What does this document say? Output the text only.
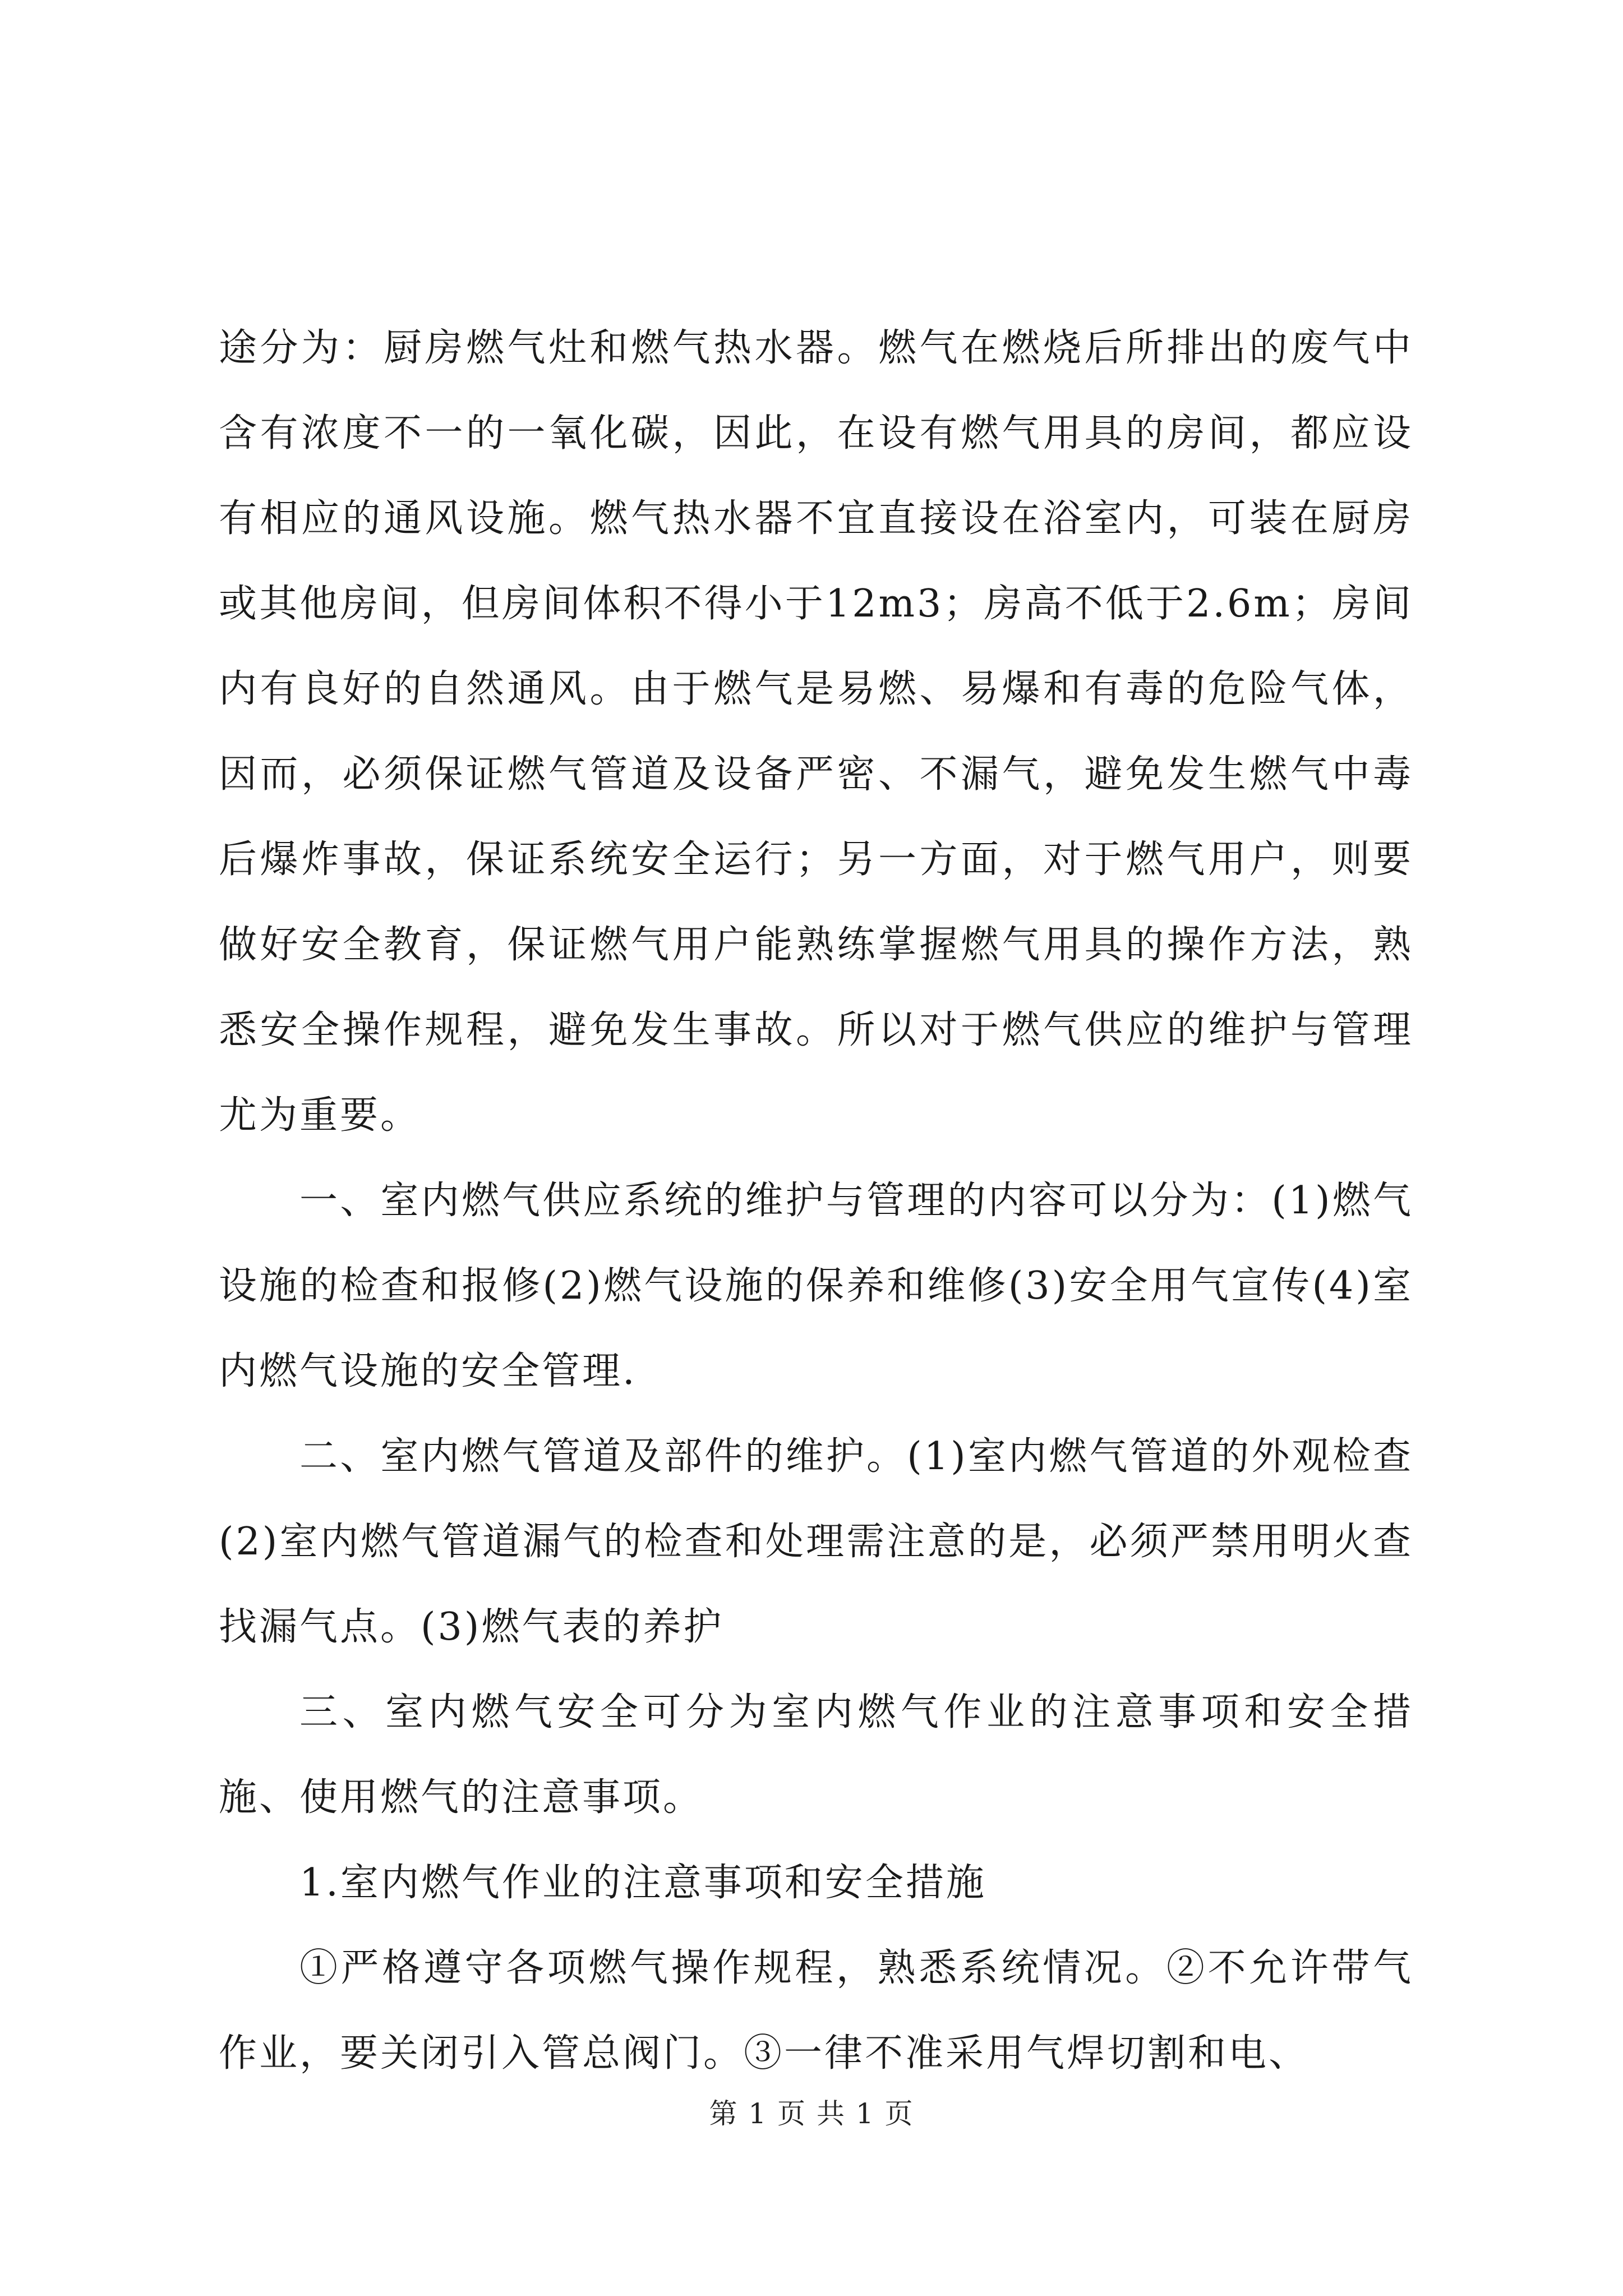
途分为：厨房燃气灶和燃气热水器。燃气在燃烧后所排出的废气中含有浓度不一的一氧化碳，因此，在设有燃气用具的房间，都应设有相应的通风设施。燃气热水器不宜直接设在浴室内，可装在厨房或其他房间，但房间体积不得小于12m3；房高不低于2.6m；房间内有良好的自然通风。由于燃气是易燃、易爆和有毒的危险气体，因而，必须保证燃气管道及设备严密、不漏气，避免发生燃气中毒后爆炸事故，保证系统安全运行；另一方面，对于燃气用户，则要做好安全教育，保证燃气用户能熟练掌握燃气用具的操作方法，熟悉安全操作规程，避免发生事故。所以对于燃气供应的维护与管理尤为重要。

一、室内燃气供应系统的维护与管理的内容可以分为：(1)燃气设施的检查和报修(2)燃气设施的保养和维修(3)安全用气宣传(4)室内燃气设施的安全管理.

二、室内燃气管道及部件的维护。(1)室内燃气管道的外观检查(2)室内燃气管道漏气的检查和处理需注意的是，必须严禁用明火查找漏气点。(3)燃气表的养护

三、室内燃气安全可分为室内燃气作业的注意事项和安全措施、使用燃气的注意事项。

1.室内燃气作业的注意事项和安全措施

①严格遵守各项燃气操作规程，熟悉系统情况。②不允许带气作业，要关闭引入管总阀门。③一律不准采用气焊切割和电、

第 1 页 共 1 页
